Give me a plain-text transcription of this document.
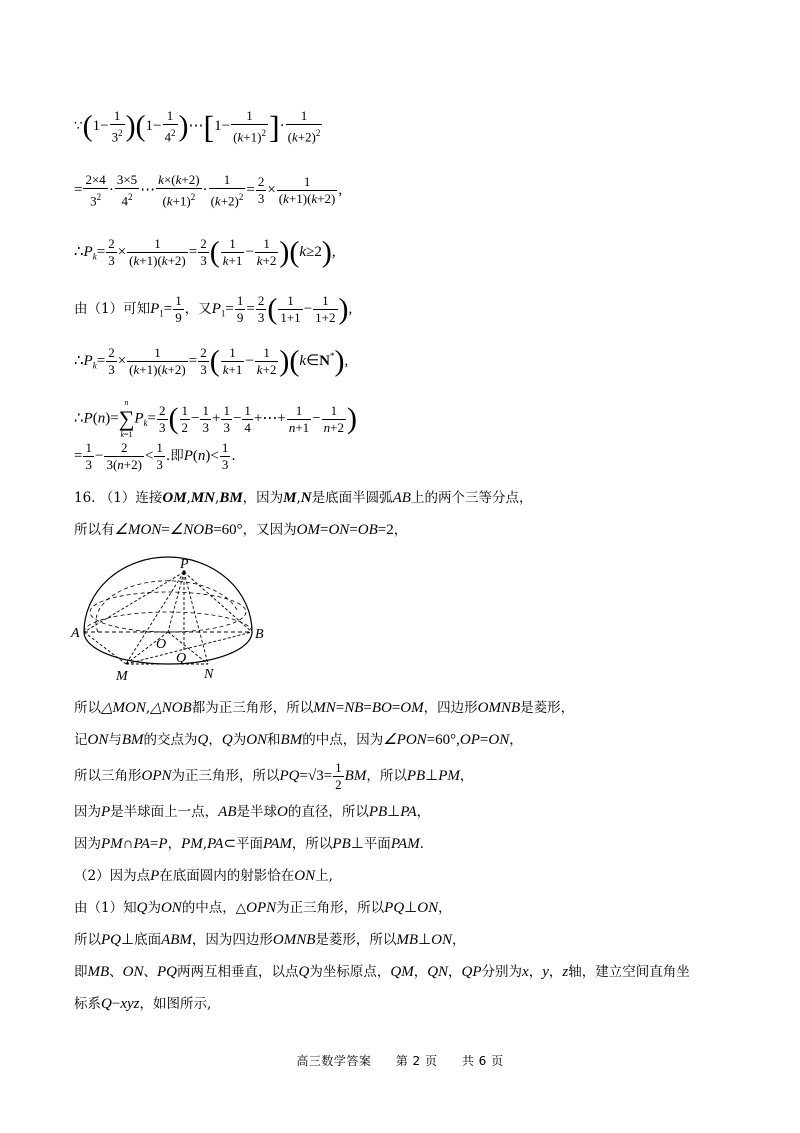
∵(1− $\frac{1}{3^2} )(1- \frac{1}{4^2}$ )⋯[1− $\frac{1}{(k+1)^2}$ ]· $\frac{1}{(k+2)^2}$
= $\frac{2\times 4}{3^2} \cdot \frac{3\times 5}{4^2}$ ⋯ $\frac{k\times(k+2)}{(k+1)^2} \cdot \frac{1}{(k+2)^2} = \frac{2}{3} \times \frac{1}{(k+1)(k+2)}$ ,
$\therefore P_k= \frac{2}{3} \times \frac{1}{(k+1)(k+2)} = \frac{2}{3}$ ( $\frac{1}{k+1} - \frac{1}{k+2} )(k\ge 2)$,
由（1）可知$P_1= \frac{1}{9}$ ，又$P_1= \frac{1}{9} = \frac{2}{3}$ ( $\frac{1}{1+1} - \frac{1}{1+2}$ ),
$\therefore P_k= \frac{2}{3} \times \frac{1}{(k+1)(k+2)} = \frac{2}{3}$ ( $\frac{1}{k+1} - \frac{1}{k+2}$ )(k∈N*),
∴P(n)=
n
∑
k=1
$P_k= \frac{2}{3}$ ( $\frac{1}{2} - \frac{1}{3} + \frac{1}{3} - \frac{1}{4}$ +⋯+ $\frac{1}{n+1} - \frac{1}{n+2}$ )
= $\frac{1}{3} - \frac{2}{3(n+2)} < \frac{1}{3}$ .即$P(n)< \frac{1}{3}$ .
16. （1）连接OM,MN,BM，因为M,N是底面半圆弧AB上的两个三等分点，
所以有∠MON=∠NOB=60°，又因为OM=ON=OB=2，
P
A	B
O
Q
M	N
所以△MON,△NOB都为正三角形，所以MN=NB=BO=OM，四边形OMNB是菱形，
记ON与BM的交点为Q，Q为ON和BM的中点，因为∠PON=60°,OP=ON，
所以三角形OPN为正三角形，所以$PQ=√3= \frac{1}{2}$ BM，所以PB⊥PM，
因为P是半球面上一点，AB是半球O的直径，所以PB⊥PA，
因为PM∩PA=P，PM,PA⊂平面PAM，所以PB⊥平面PAM．
（2）因为点P在底面圆内的射影恰在ON上,
由（1）知Q为ON的中点，△OPN为正三角形，所以PQ⊥ON，
所以PQ⊥底面ABM，因为四边形OMNB是菱形，所以MB⊥ON，
即MB、ON、PQ两两互相垂直，以点Q为坐标原点，QM，QN，QP分别为x，y，z轴，建立空间直角坐
标系Q−xyz，如图所示,
高三数学答案 第 2 页 共 6 页
